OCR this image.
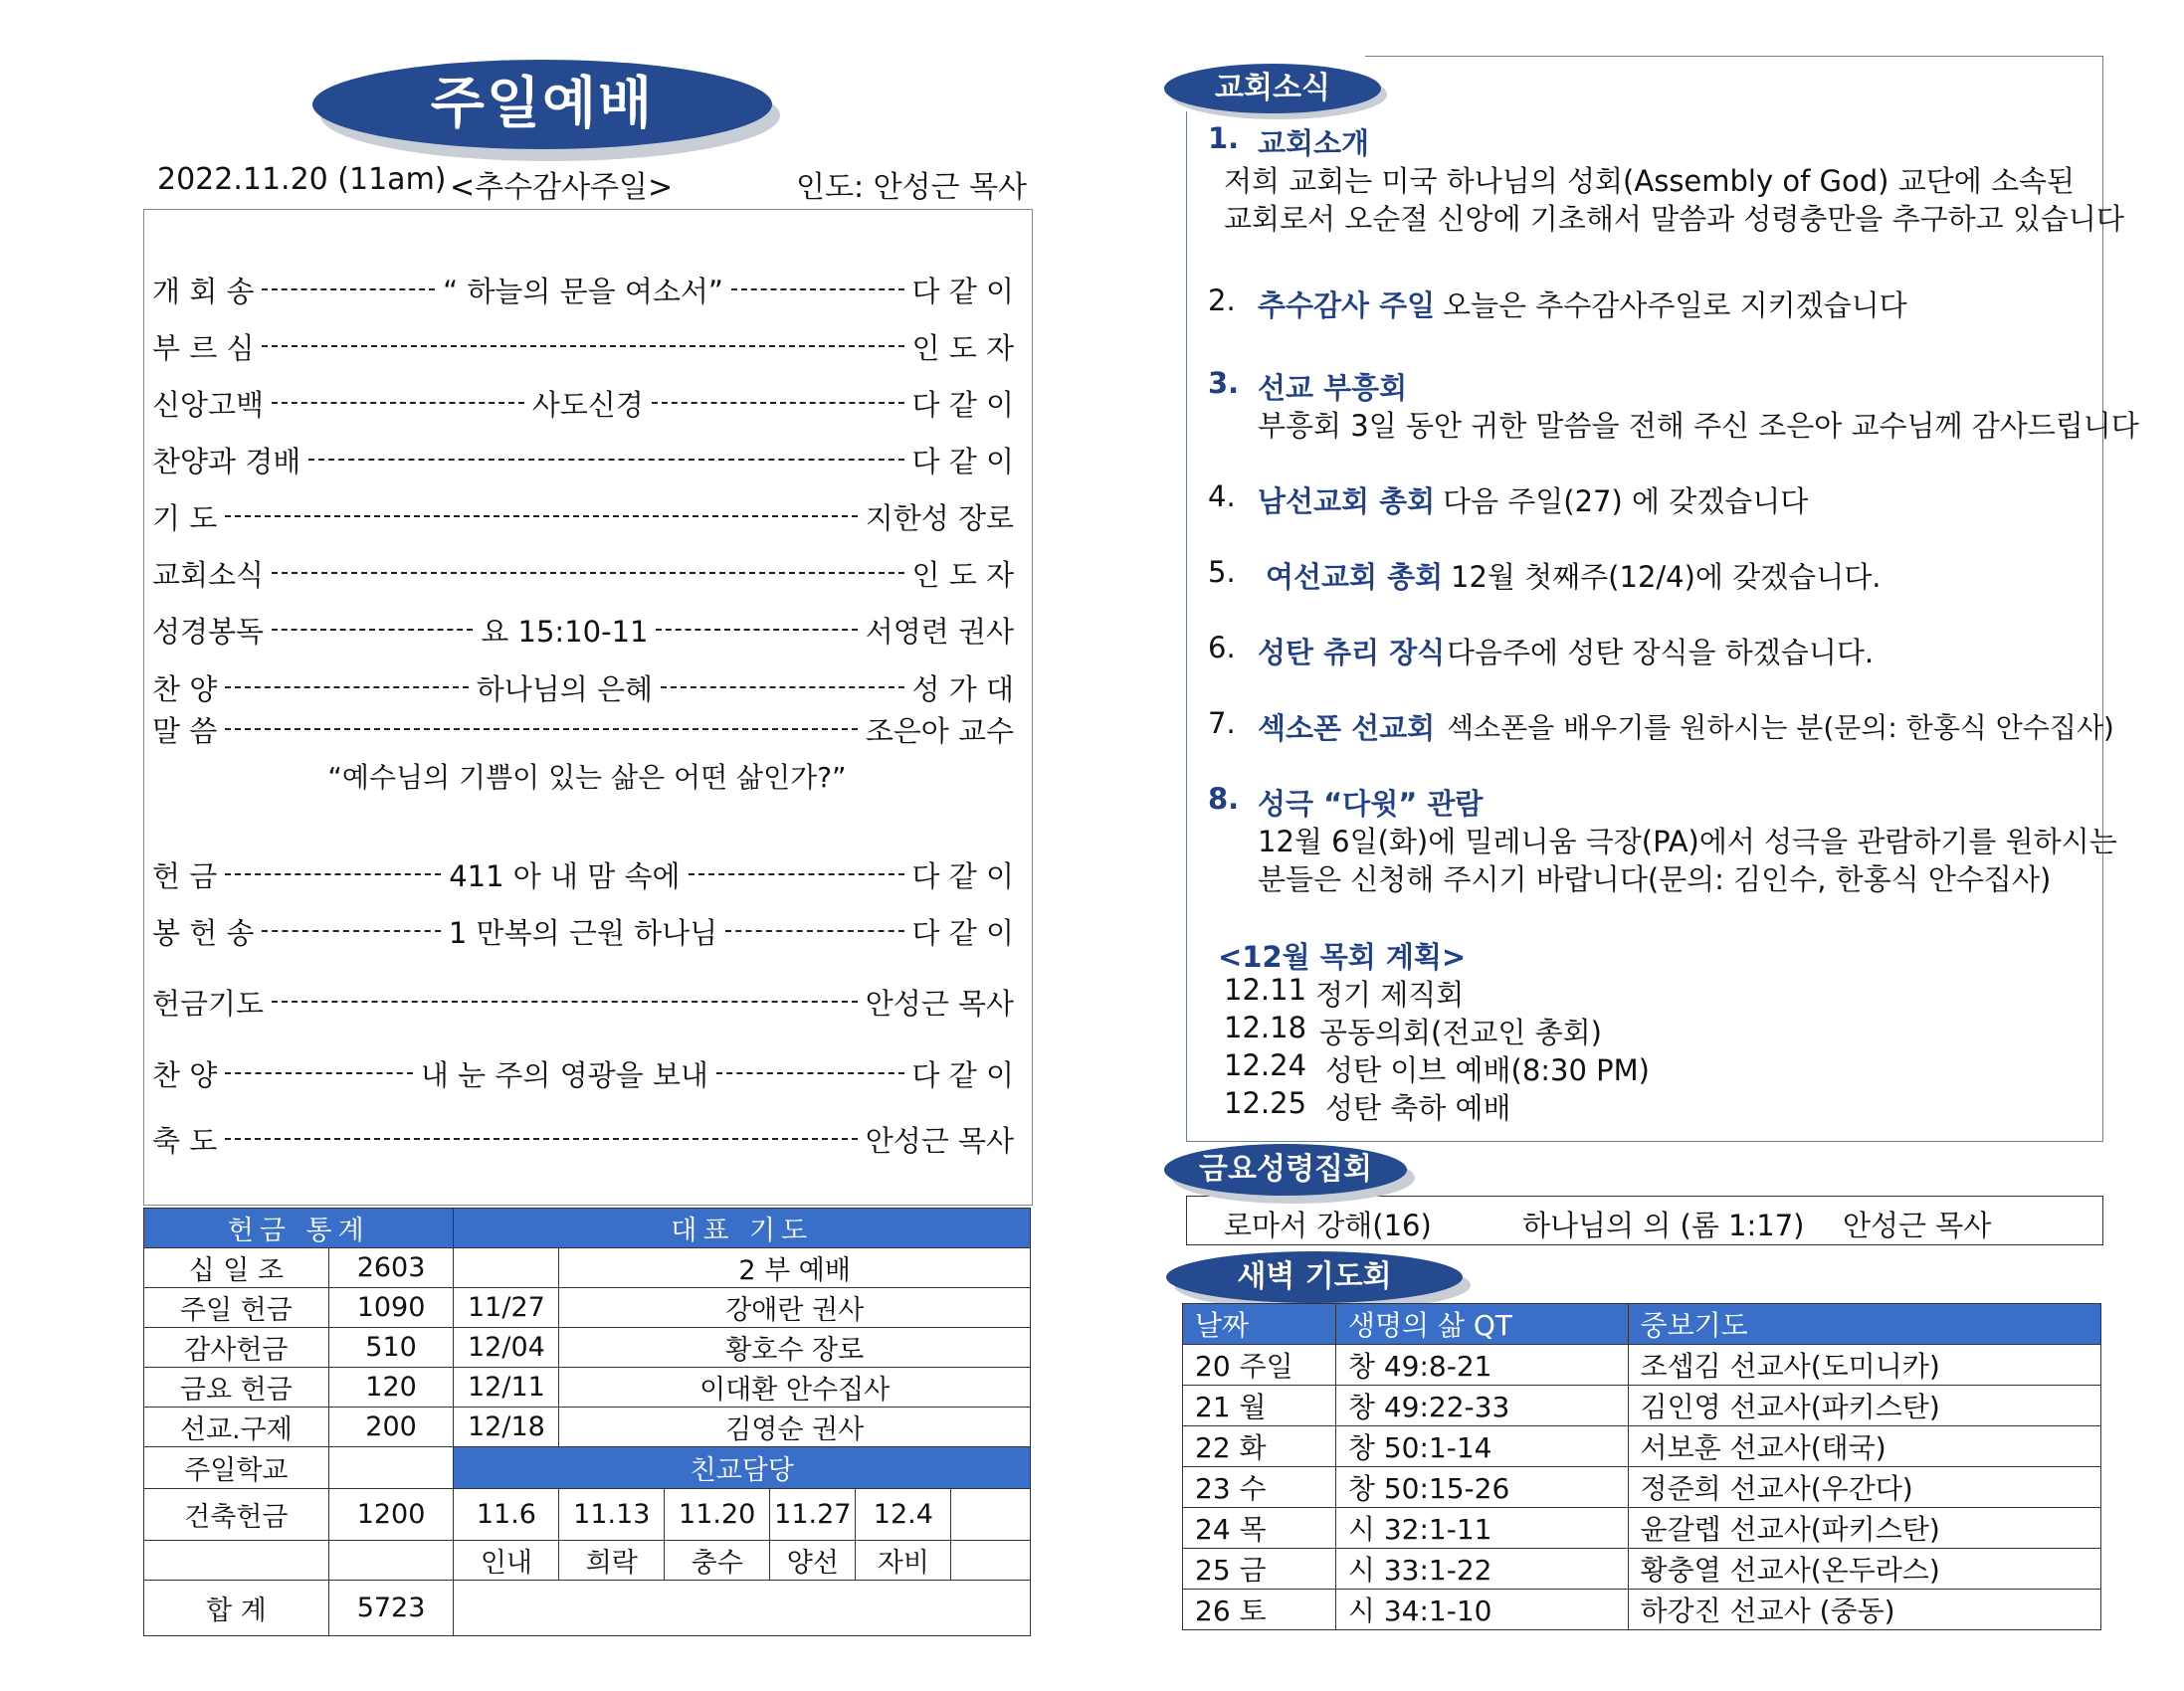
주일예배
2022.11.20 (11am) <추수감사주일>	인도: 안성근 목사
개 회 송	“ 하늘의 문을 여소서”	다 같 이
부 르 심	인 도 자
신앙고백	사도신경	다 같 이
찬양과 경배	다 같 이
기 도	지한성 장로
교회소식	인 도 자
성경봉독	요 15:10-11	서영련 권사
찬 양	하나님의 은혜	성 가 대
말 씀	조은아 교수
헌 금	411 아 내 맘 속에	다 같 이
봉 헌 송	1 만복의 근원 하나님	다 같 이
헌금기도	안성근 목사
찬 양	내 눈 주의 영광을 보내	다 같 이
축 도	안성근 목사
“예수님의 기쁨이 있는 삶은 어떤 삶인가?”
헌금 통계		대표 기도					
십 일 조	2603		2 부 예배				
주일 헌금	1090	11/27	강애란 권사				
감사헌금	510	12/04	황호수 장로				
금요 헌금	120	12/11	이대환 안수집사				
선교.구제	200	12/18	김영순 권사				
주일학교		친교담당					
건축헌금	1200	11.6	11.13	11.20	11.27	12.4	
		인내	희락	충수	양선	자비	
합 계	5723						
교회소식
1. 교회소개
저희 교회는 미국 하나님의 성회(Assembly of God) 교단에 소속된
교회로서 오순절 신앙에 기초해서 말씀과 성령충만을 추구하고 있습니다
2. 추수감사 주일 오늘은 추수감사주일로 지키겠습니다
3. 선교 부흥회
부흥회 3일 동안 귀한 말씀을 전해 주신 조은아 교수님께 감사드립니다
4. 남선교회 총회 다음 주일(27) 에 갖겠습니다
5. 여선교회 총회 12월 첫째주(12/4)에 갖겠습니다.
6. 성탄 츄리 장식 다음주에 성탄 장식을 하겠습니다.
7. 섹소폰 선교회 섹소폰을 배우기를 원하시는 분(문의: 한홍식 안수집사)
8. 성극 “다윗” 관람
12월 6일(화)에 밀레니움 극장(PA)에서 성극을 관람하기를 원하시는
분들은 신청해 주시기 바랍니다(문의: 김인수, 한홍식 안수집사)
<12월 목회 계획>
12.11 정기 제직회
12.18 공동의회(전교인 총회)
12.24 성탄 이브 예배(8:30 PM)
12.25 성탄 축하 예배
금요성령집회
로마서 강해(16)	하나님의 의 (롬 1:17) 안성근 목사
새벽 기도회
날짜	생명의 삶 QT	중보기도
20 주일	창 49:8-21	조셉김 선교사(도미니카)
21 월	창 49:22-33	김인영 선교사(파키스탄)
22 화	창 50:1-14	서보훈 선교사(태국)
23 수	창 50:15-26	정준희 선교사(우간다)
24 목	시 32:1-11	윤갈렙 선교사(파키스탄)
25 금	시 33:1-22	황충열 선교사(온두라스)
26 토	시 34:1-10	하강진 선교사 (중동)
